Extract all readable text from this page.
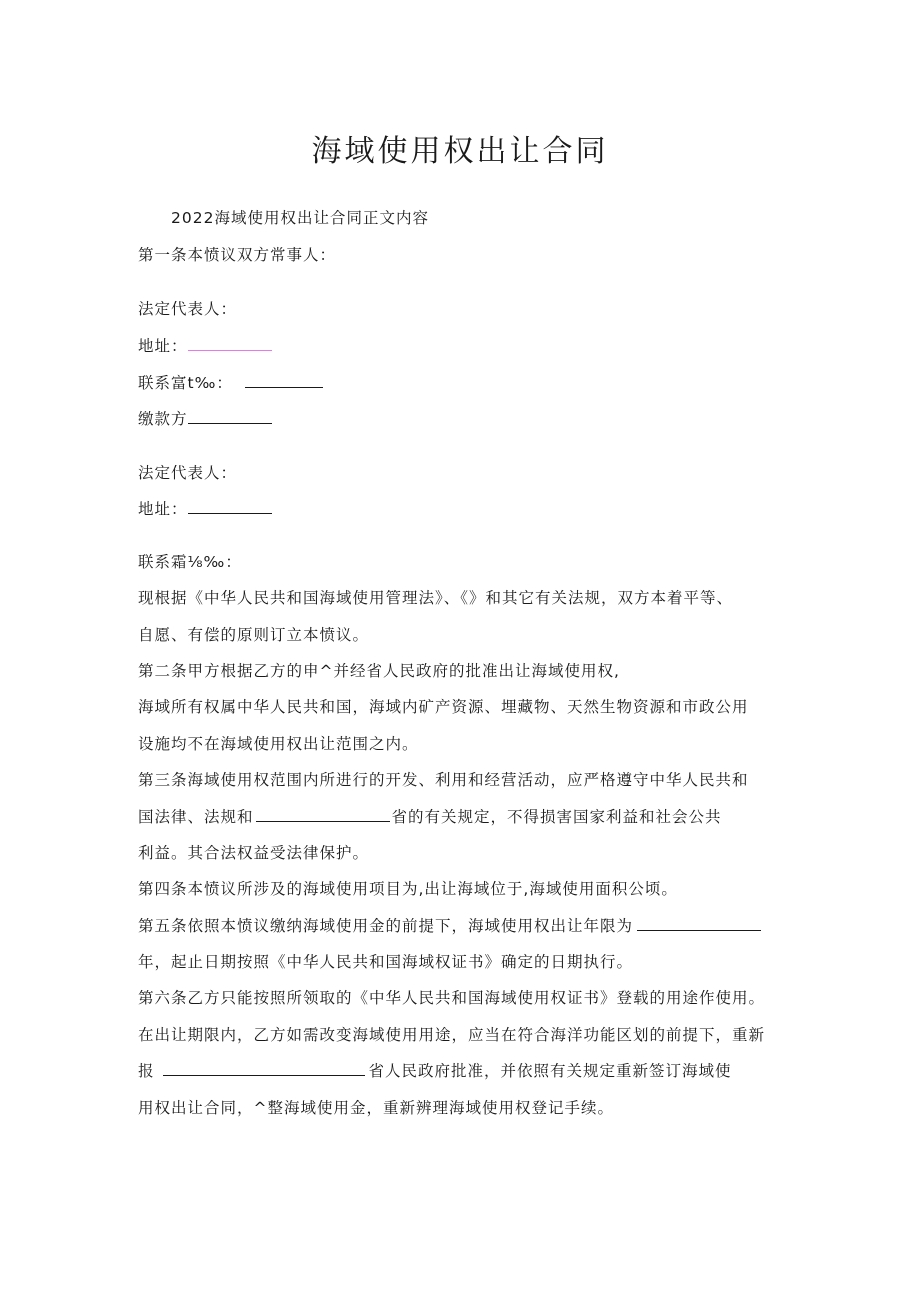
海域使用权出让合同

2022海域使用权出让合同正文内容

第一条本愤议双方常事人：

法定代表人：

地址：

联系富t‰：

缴款方

法定代表人：

地址：

联系霜⅛‰：

现根据《中华人民共和国海域使用管理法》、《》和其它有关法规，双方本着平等、

自愿、有偿的原则订立本愤议。

第二条甲方根据乙方的申^并经省人民政府的批准出让海域使用权,

海域所有权属中华人民共和国，海域内矿产资源、埋藏物、天然生物资源和市政公用

设施均不在海域使用权出让范围之内。

第三条海域使用权范围内所进行的开发、利用和经营活动，应严格遵守中华人民共和

国法律、法规和	省的有关规定，不得损害国家利益和社会公共

利益。其合法权益受法律保护。

第四条本愤议所涉及的海域使用项目为,出让海域位于,海域使用面积公顷。

第五条依照本愤议缴纳海域使用金的前提下，海域使用权出让年限为

年，起止日期按照《中华人民共和国海域权证书》确定的日期执行。

第六条乙方只能按照所领取的《中华人民共和国海域使用权证书》登载的用途作使用。

在出让期限内，乙方如需改变海域使用用途，应当在符合海洋功能区划的前提下，重新

报	省人民政府批准，并依照有关规定重新签订海域使

用权出让合同，^整海域使用金，重新辨理海域使用权登记手续。
